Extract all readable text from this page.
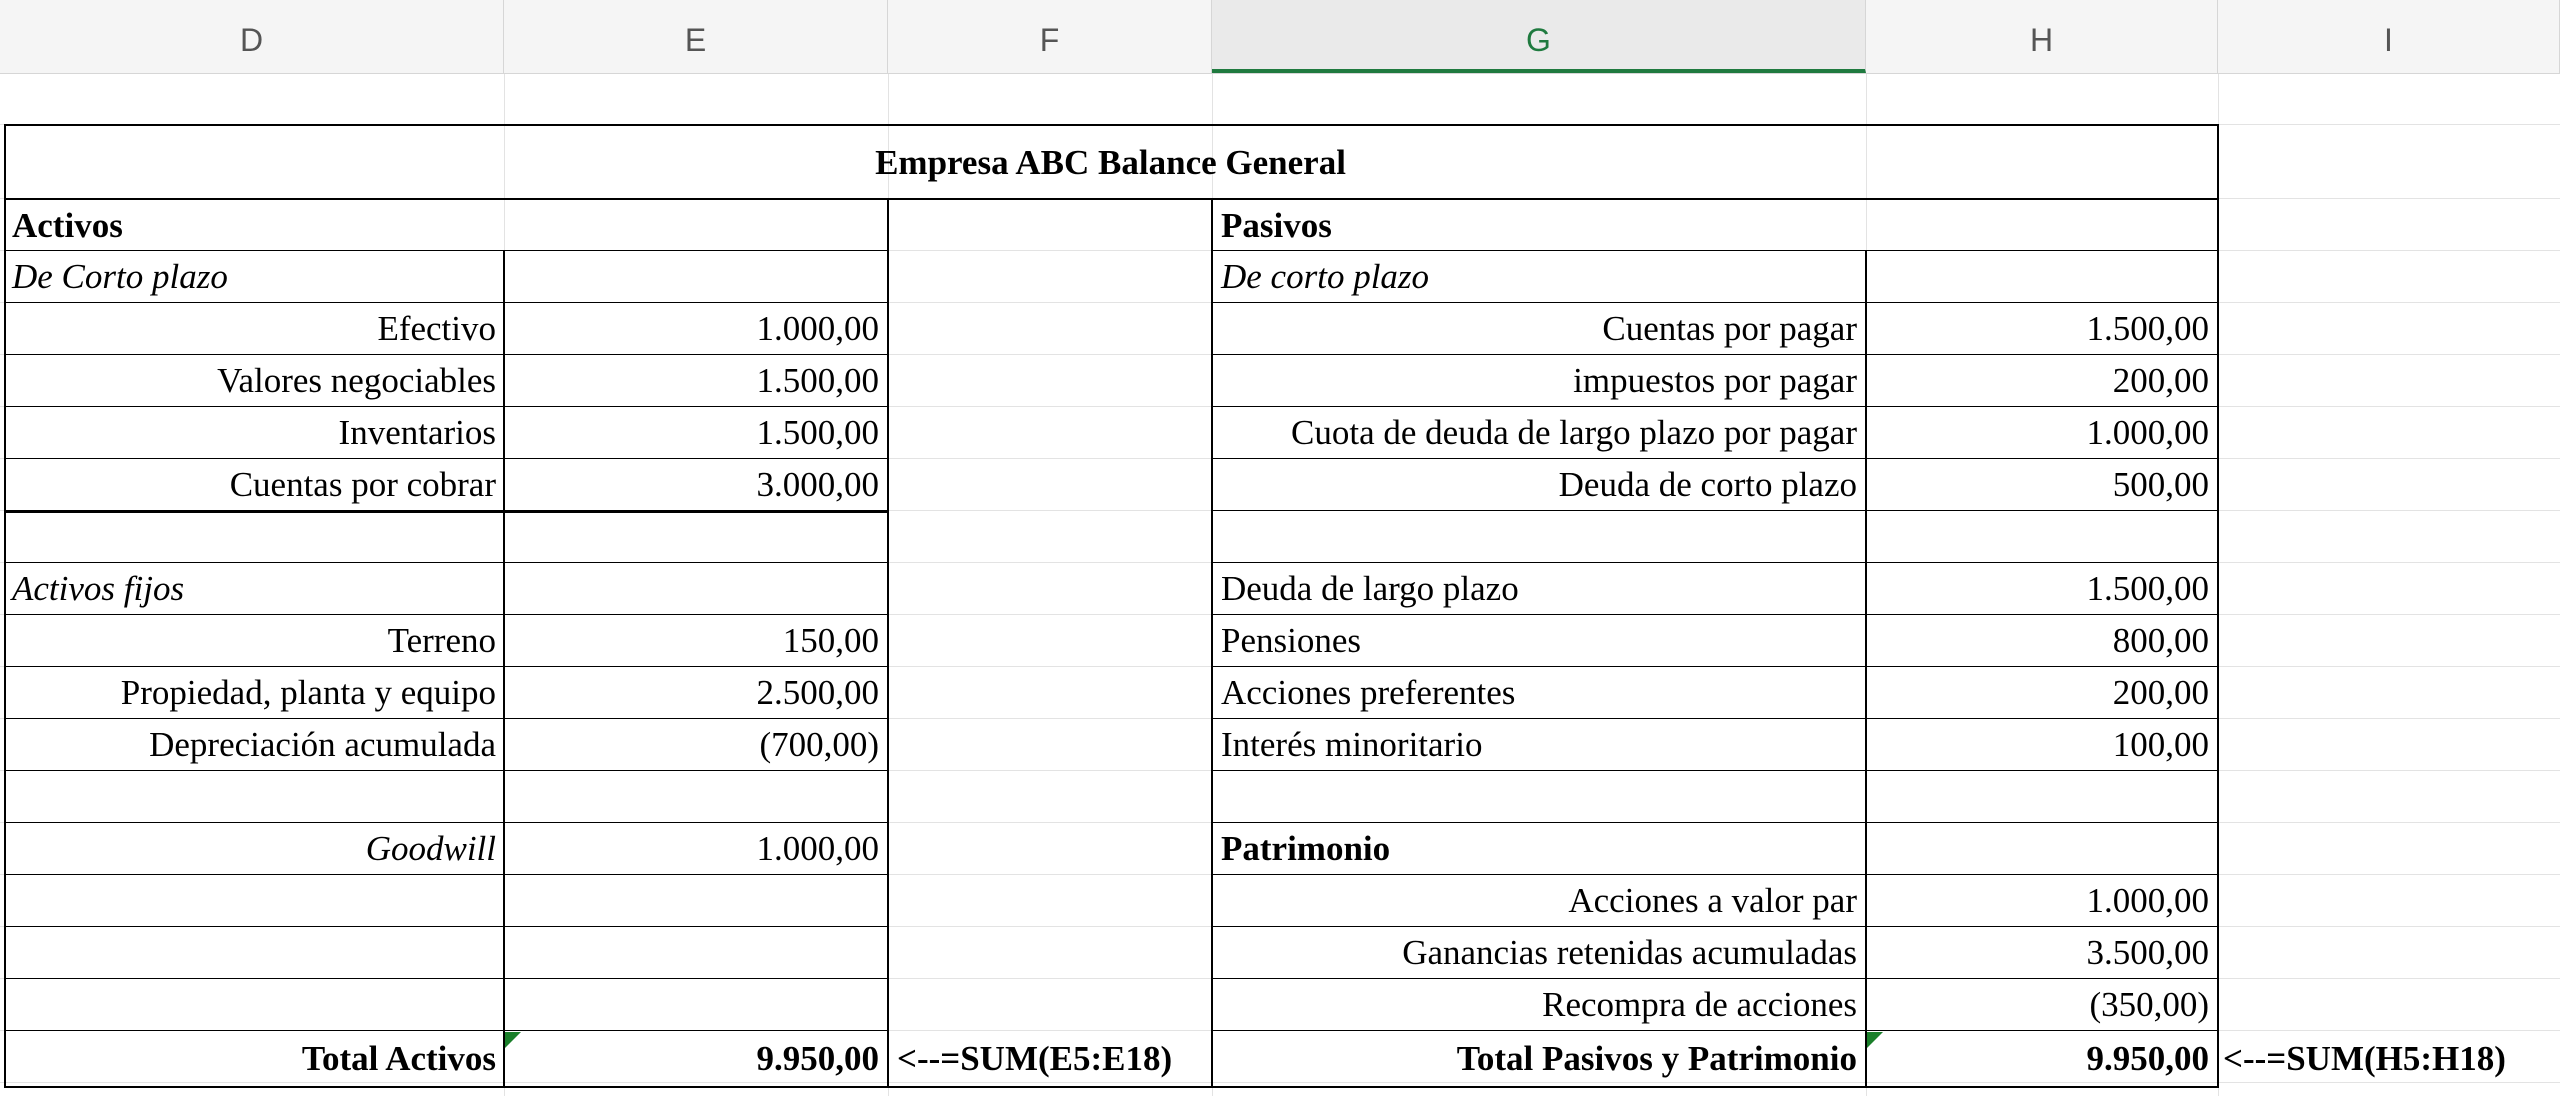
D	E	F	G	H	I
Empresa ABC Balance General
Activos
De Corto plazo
Efectivo	1.000,00
Valores negociables	1.500,00
Inventarios	1.500,00
Cuentas por cobrar	3.000,00
Activos fijos
Terreno	150,00
Propiedad, planta y equipo	2.500,00
Depreciación acumulada	(700,00)
Goodwill	1.000,00
Total Activos	9.950,00 <--=SUM(E5:E18)
Pasivos
De corto plazo
Cuentas por pagar	1.500,00
impuestos por pagar	200,00
Cuota de deuda de largo plazo por pagar	1.000,00
Deuda de corto plazo	500,00
Deuda de largo plazo	1.500,00
Pensiones	800,00
Acciones preferentes	200,00
Interés minoritario	100,00
Patrimonio
Acciones a valor par	1.000,00
Ganancias retenidas acumuladas	3.500,00
Recompra de acciones	(350,00)
Total Pasivos y Patrimonio	9.950,00 <--=SUM(H5:H18)
